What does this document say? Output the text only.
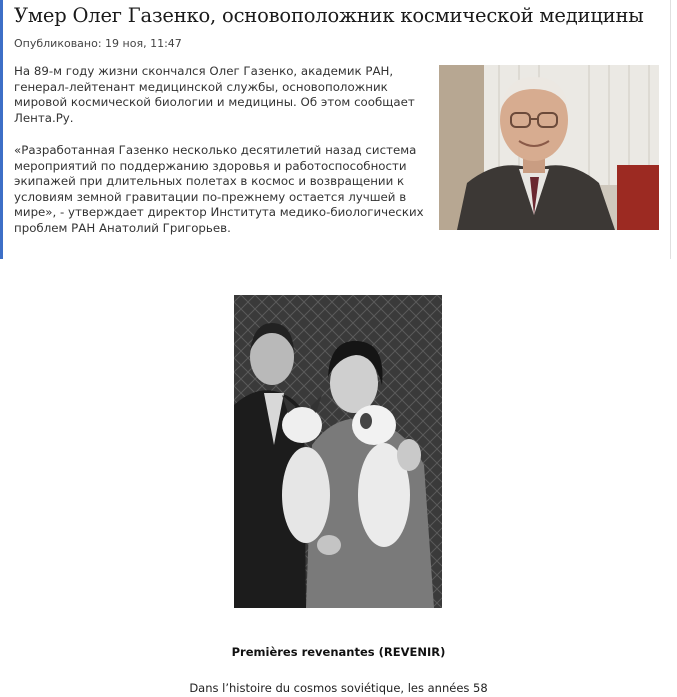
Умер Олег Газенко, основоположник космической медицины
Опубликовано: 19 ноя, 11:47

На 89-м году жизни скончался Олег Газенко, академик РАН, генерал-лейтенант медицинской службы, основоположник мировой космической биологии и медицины. Об этом сообщает Лента.Ру.

«Разработанная Газенко несколько десятилетий назад система мероприятий по поддержанию здоровья и работоспособности экипажей при длительных полетах в космос и возвращении к условиям земной гравитации по-прежнему остается лучшей в мире», - утверждает директор Института медико-биологических проблем РАН Анатолий Григорьев.

Premières revenantes (REVENIR)
Dans l’histoire du cosmos soviétique, les années 58
